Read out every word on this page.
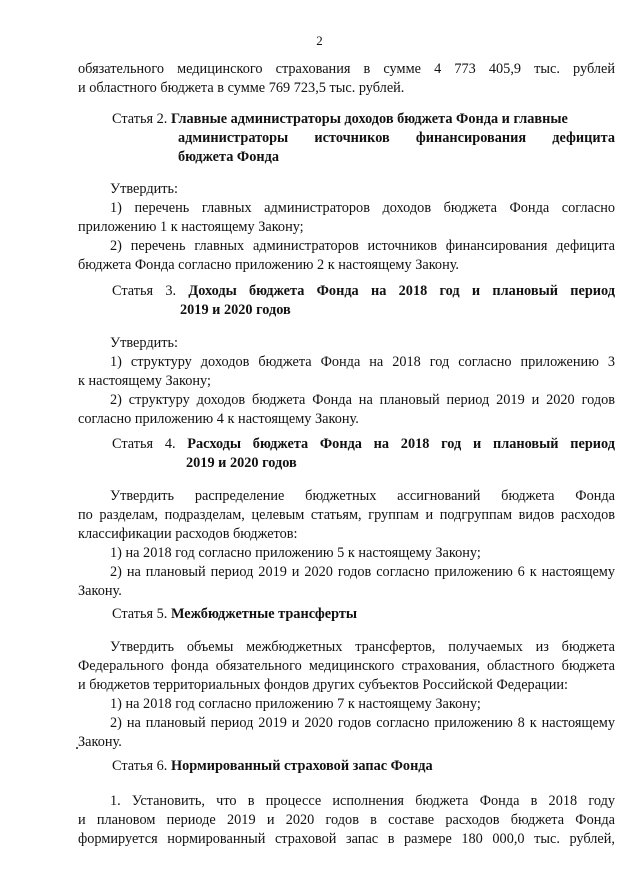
2
обязательного медицинского страхования в сумме 4 773 405,9 тыс. рублей
и областного бюджета в сумме 769 723,5 тыс. рублей.
Статья 2. Главные администраторы доходов бюджета Фонда и главные
администраторы источников финансирования дефицита
бюджета Фонда
Утвердить:
1) перечень главных администраторов доходов бюджета Фонда согласно
приложению 1 к настоящему Закону;
2) перечень главных администраторов источников финансирования дефицита
бюджета Фонда согласно приложению 2 к настоящему Закону.
Статья 3. Доходы бюджета Фонда на 2018 год и плановый период
2019 и 2020 годов
Утвердить:
1) структуру доходов бюджета Фонда на 2018 год согласно приложению 3
к настоящему Закону;
2) структуру доходов бюджета Фонда на плановый период 2019 и 2020 годов
согласно приложению 4 к настоящему Закону.
Статья 4. Расходы бюджета Фонда на 2018 год и плановый период
2019 и 2020 годов
Утвердить распределение бюджетных ассигнований бюджета Фонда
по разделам, подразделам, целевым статьям, группам и подгруппам видов расходов
классификации расходов бюджетов:
1) на 2018 год согласно приложению 5 к настоящему Закону;
2) на плановый период 2019 и 2020 годов согласно приложению 6 к настоящему
Закону.
Статья 5. Межбюджетные трансферты
Утвердить объемы межбюджетных трансфертов, получаемых из бюджета
Федерального фонда обязательного медицинского страхования, областного бюджета
и бюджетов территориальных фондов других субъектов Российской Федерации:
1) на 2018 год согласно приложению 7 к настоящему Закону;
2) на плановый период 2019 и 2020 годов согласно приложению 8 к настоящему
Закону.
Статья 6. Нормированный страховой запас Фонда
1. Установить, что в процессе исполнения бюджета Фонда в 2018 году
и плановом периоде 2019 и 2020 годов в составе расходов бюджета Фонда
формируется нормированный страховой запас в размере 180 000,0 тыс. рублей,
